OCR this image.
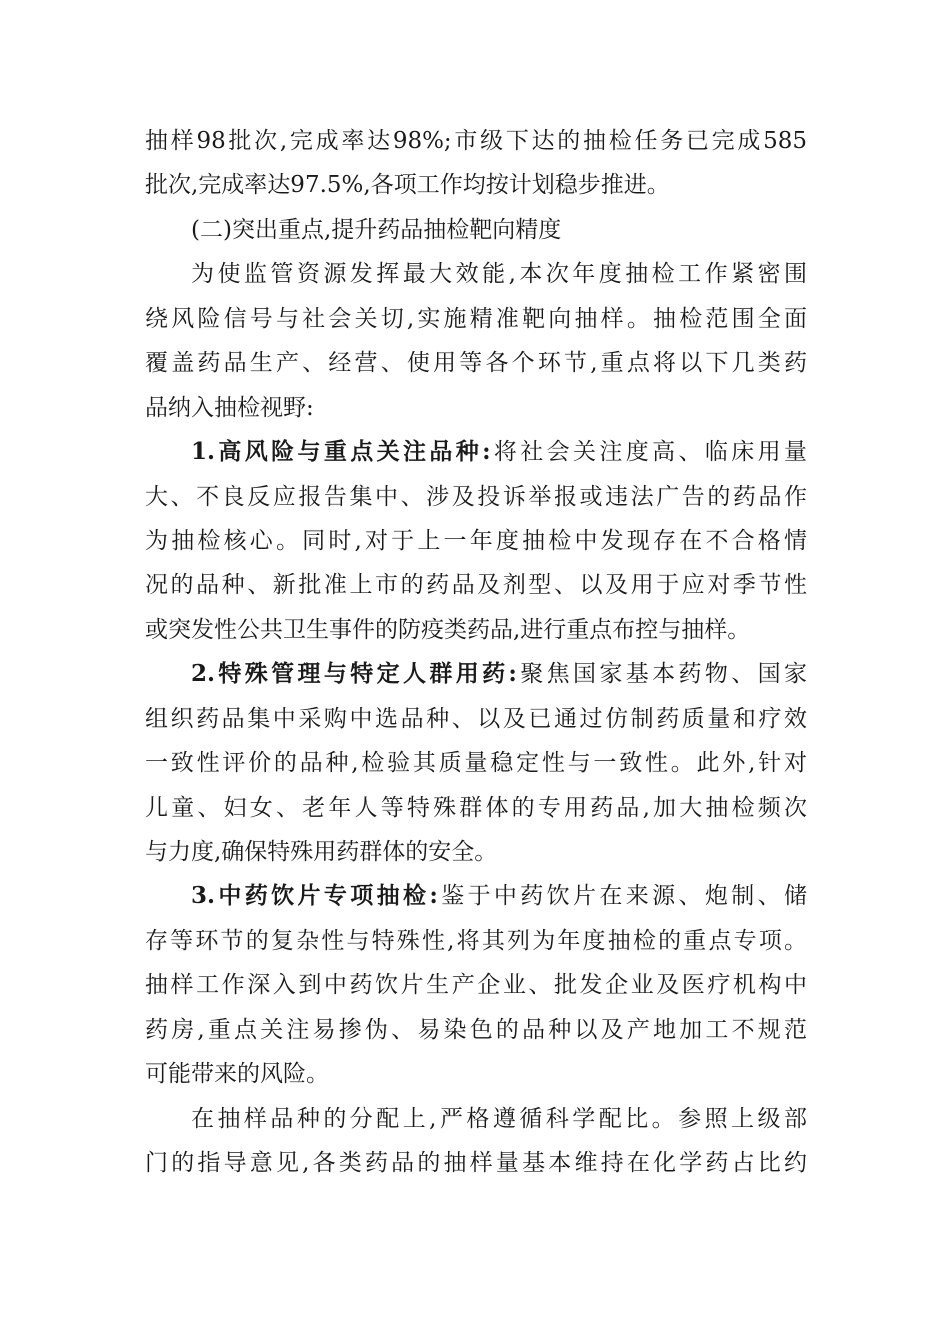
抽样98批次,完成率达98%;市级下达的抽检任务已完成585
批次,完成率达97.5%,各项工作均按计划稳步推进。
(二)突出重点,提升药品抽检靶向精度
为使监管资源发挥最大效能,本次年度抽检工作紧密围
绕风险信号与社会关切,实施精准靶向抽样。抽检范围全面
覆盖药品生产、经营、使用等各个环节,重点将以下几类药
品纳入抽检视野:
1.高风险与重点关注品种:将社会关注度高、临床用量
大、不良反应报告集中、涉及投诉举报或违法广告的药品作
为抽检核心。同时,对于上一年度抽检中发现存在不合格情
况的品种、新批准上市的药品及剂型、以及用于应对季节性
或突发性公共卫生事件的防疫类药品,进行重点布控与抽样。
2.特殊管理与特定人群用药:聚焦国家基本药物、国家
组织药品集中采购中选品种、以及已通过仿制药质量和疗效
一致性评价的品种,检验其质量稳定性与一致性。此外,针对
儿童、妇女、老年人等特殊群体的专用药品,加大抽检频次
与力度,确保特殊用药群体的安全。
3.中药饮片专项抽检:鉴于中药饮片在来源、炮制、储
存等环节的复杂性与特殊性,将其列为年度抽检的重点专项。
抽样工作深入到中药饮片生产企业、批发企业及医疗机构中
药房,重点关注易掺伪、易染色的品种以及产地加工不规范
可能带来的风险。
在抽样品种的分配上,严格遵循科学配比。参照上级部
门的指导意见,各类药品的抽样量基本维持在化学药占比约
